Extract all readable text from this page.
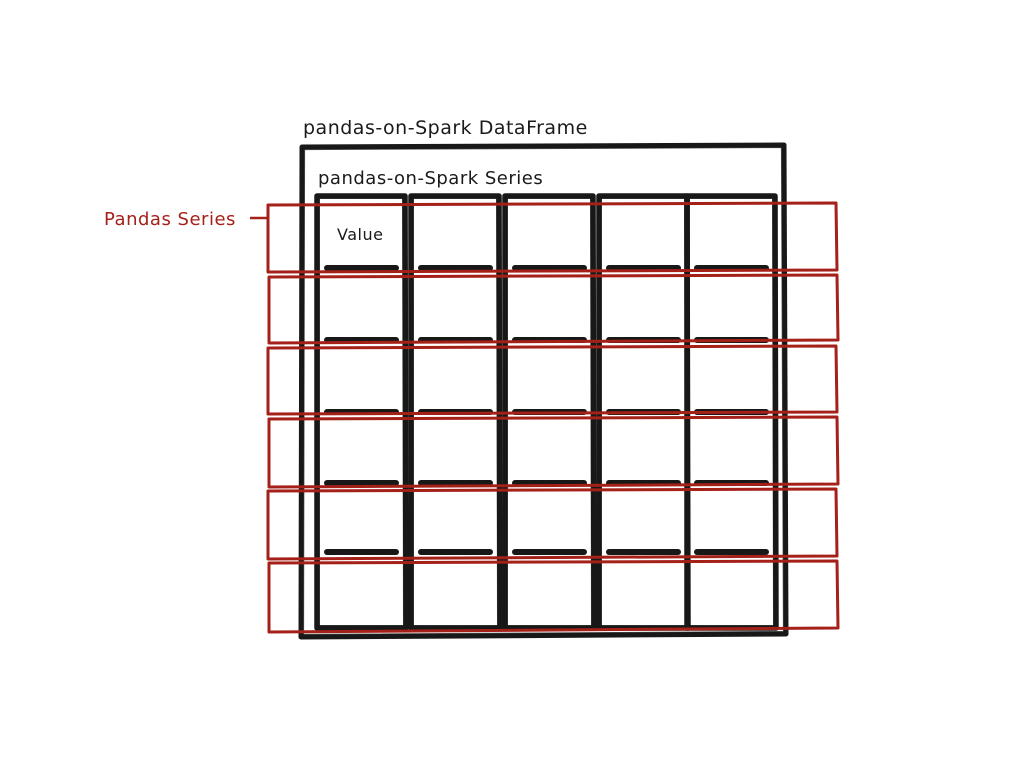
pandas-on-Spark DataFrame
pandas-on-Spark Series
Pandas Series
Value
